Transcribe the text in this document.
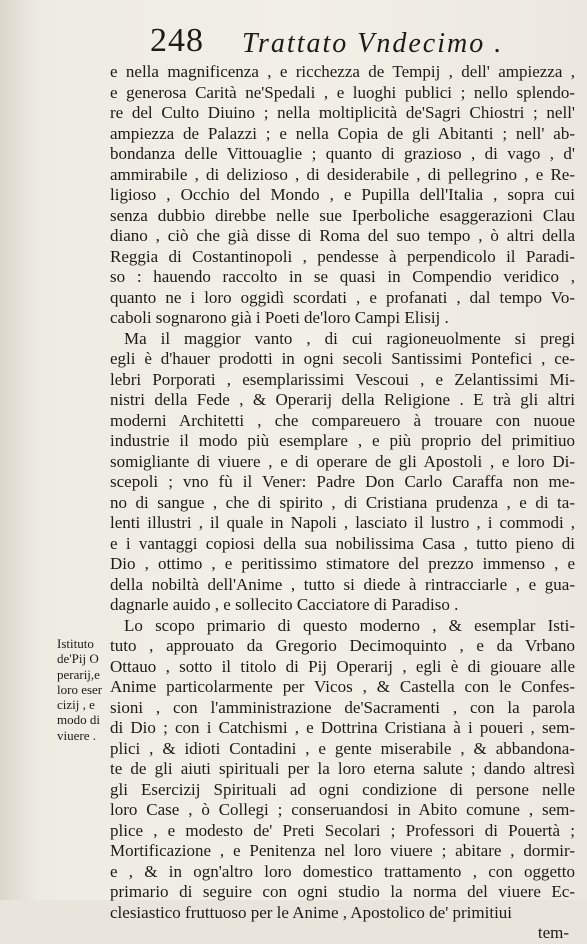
248 Trattato Vndecimo .
Istituto
de'Pij O
perarij,e
loro eser
cizij , e
modo di
viuere .
e nella magnificenza , e ricchezza de Tempij , dell' ampiezza ,
e generosa Carità ne'Spedali , e luoghi publici ; nello splendo-
re del Culto Diuino ; nella moltiplicità de'Sagri Chiostri ; nell'
ampiezza de Palazzi ; e nella Copia de gli Abitanti ; nell' ab-
bondanza delle Vittouaglie ; quanto di grazioso , di vago , d'
ammirabile , di delizioso , di desiderabile , di pellegrino , e Re-
ligioso , Occhio del Mondo , e Pupilla dell'Italia , sopra cui
senza dubbio direbbe nelle sue Iperboliche esaggerazioni Clau
diano , ciò che già disse di Roma del suo tempo , ò altri della
Reggia di Costantinopoli , pendesse à perpendicolo il Paradi-
so : hauendo raccolto in se quasi in Compendio veridico ,
quanto ne i loro oggidì scordati , e profanati , dal tempo Vo-
caboli sognarono già i Poeti de'loro Campi Elisij .
Ma il maggior vanto , di cui ragioneuolmente si pregi
egli è d'hauer prodotti in ogni secoli Santissimi Pontefici , ce-
lebri Porporati , esemplarissimi Vescoui , e Zelantissimi Mi-
nistri della Fede , & Operarij della Religione . E trà gli altri
moderni Architetti , che compareuero à trouare con nuoue
industrie il modo più esemplare , e più proprio del primitiuo
somigliante di viuere , e di operare de gli Apostoli , e loro Di-
scepoli ; vno fù il Vener: Padre Don Carlo Caraffa non me-
no di sangue , che di spirito , di Cristiana prudenza , e di ta-
lenti illustri , il quale in Napoli , lasciato il lustro , i commodi ,
e i vantaggi copiosi della sua nobilissima Casa , tutto pieno di
Dio , ottimo , e peritissimo stimatore del prezzo immenso , e
della nobiltà dell'Anime , tutto si diede à rintracciarle , e gua-
dagnarle auido , e sollecito Cacciatore di Paradiso .
Lo scopo primario di questo moderno , & esemplar Isti-
tuto , approuato da Gregorio Decimoquinto , e da Vrbano
Ottauo , sotto il titolo di Pij Operarij , egli è di giouare alle
Anime particolarmente per Vicos , & Castella con le Confes-
sioni , con l'amministrazione de'Sacramenti , con la parola
di Dio ; con i Catchismi , e Dottrina Cristiana à i poueri , sem-
plici , & idioti Contadini , e gente miserabile , & abbandona-
te de gli aiuti spirituali per la loro eterna salute ; dando altresì
gli Esercizij Spirituali ad ogni condizione di persone nelle
loro Case , ò Collegi ; conseruandosi in Abito comune , sem-
plice , e modesto de' Preti Secolari ; Professori di Pouertà ;
Mortificazione , e Penitenza nel loro viuere ; abitare , dormir-
e , & in ogn'altro loro domestico trattamento , con oggetto
primario di seguire con ogni studio la norma del viuere Ec-
clesiastico fruttuoso per le Anime , Apostolico de' primitiui
tem-
